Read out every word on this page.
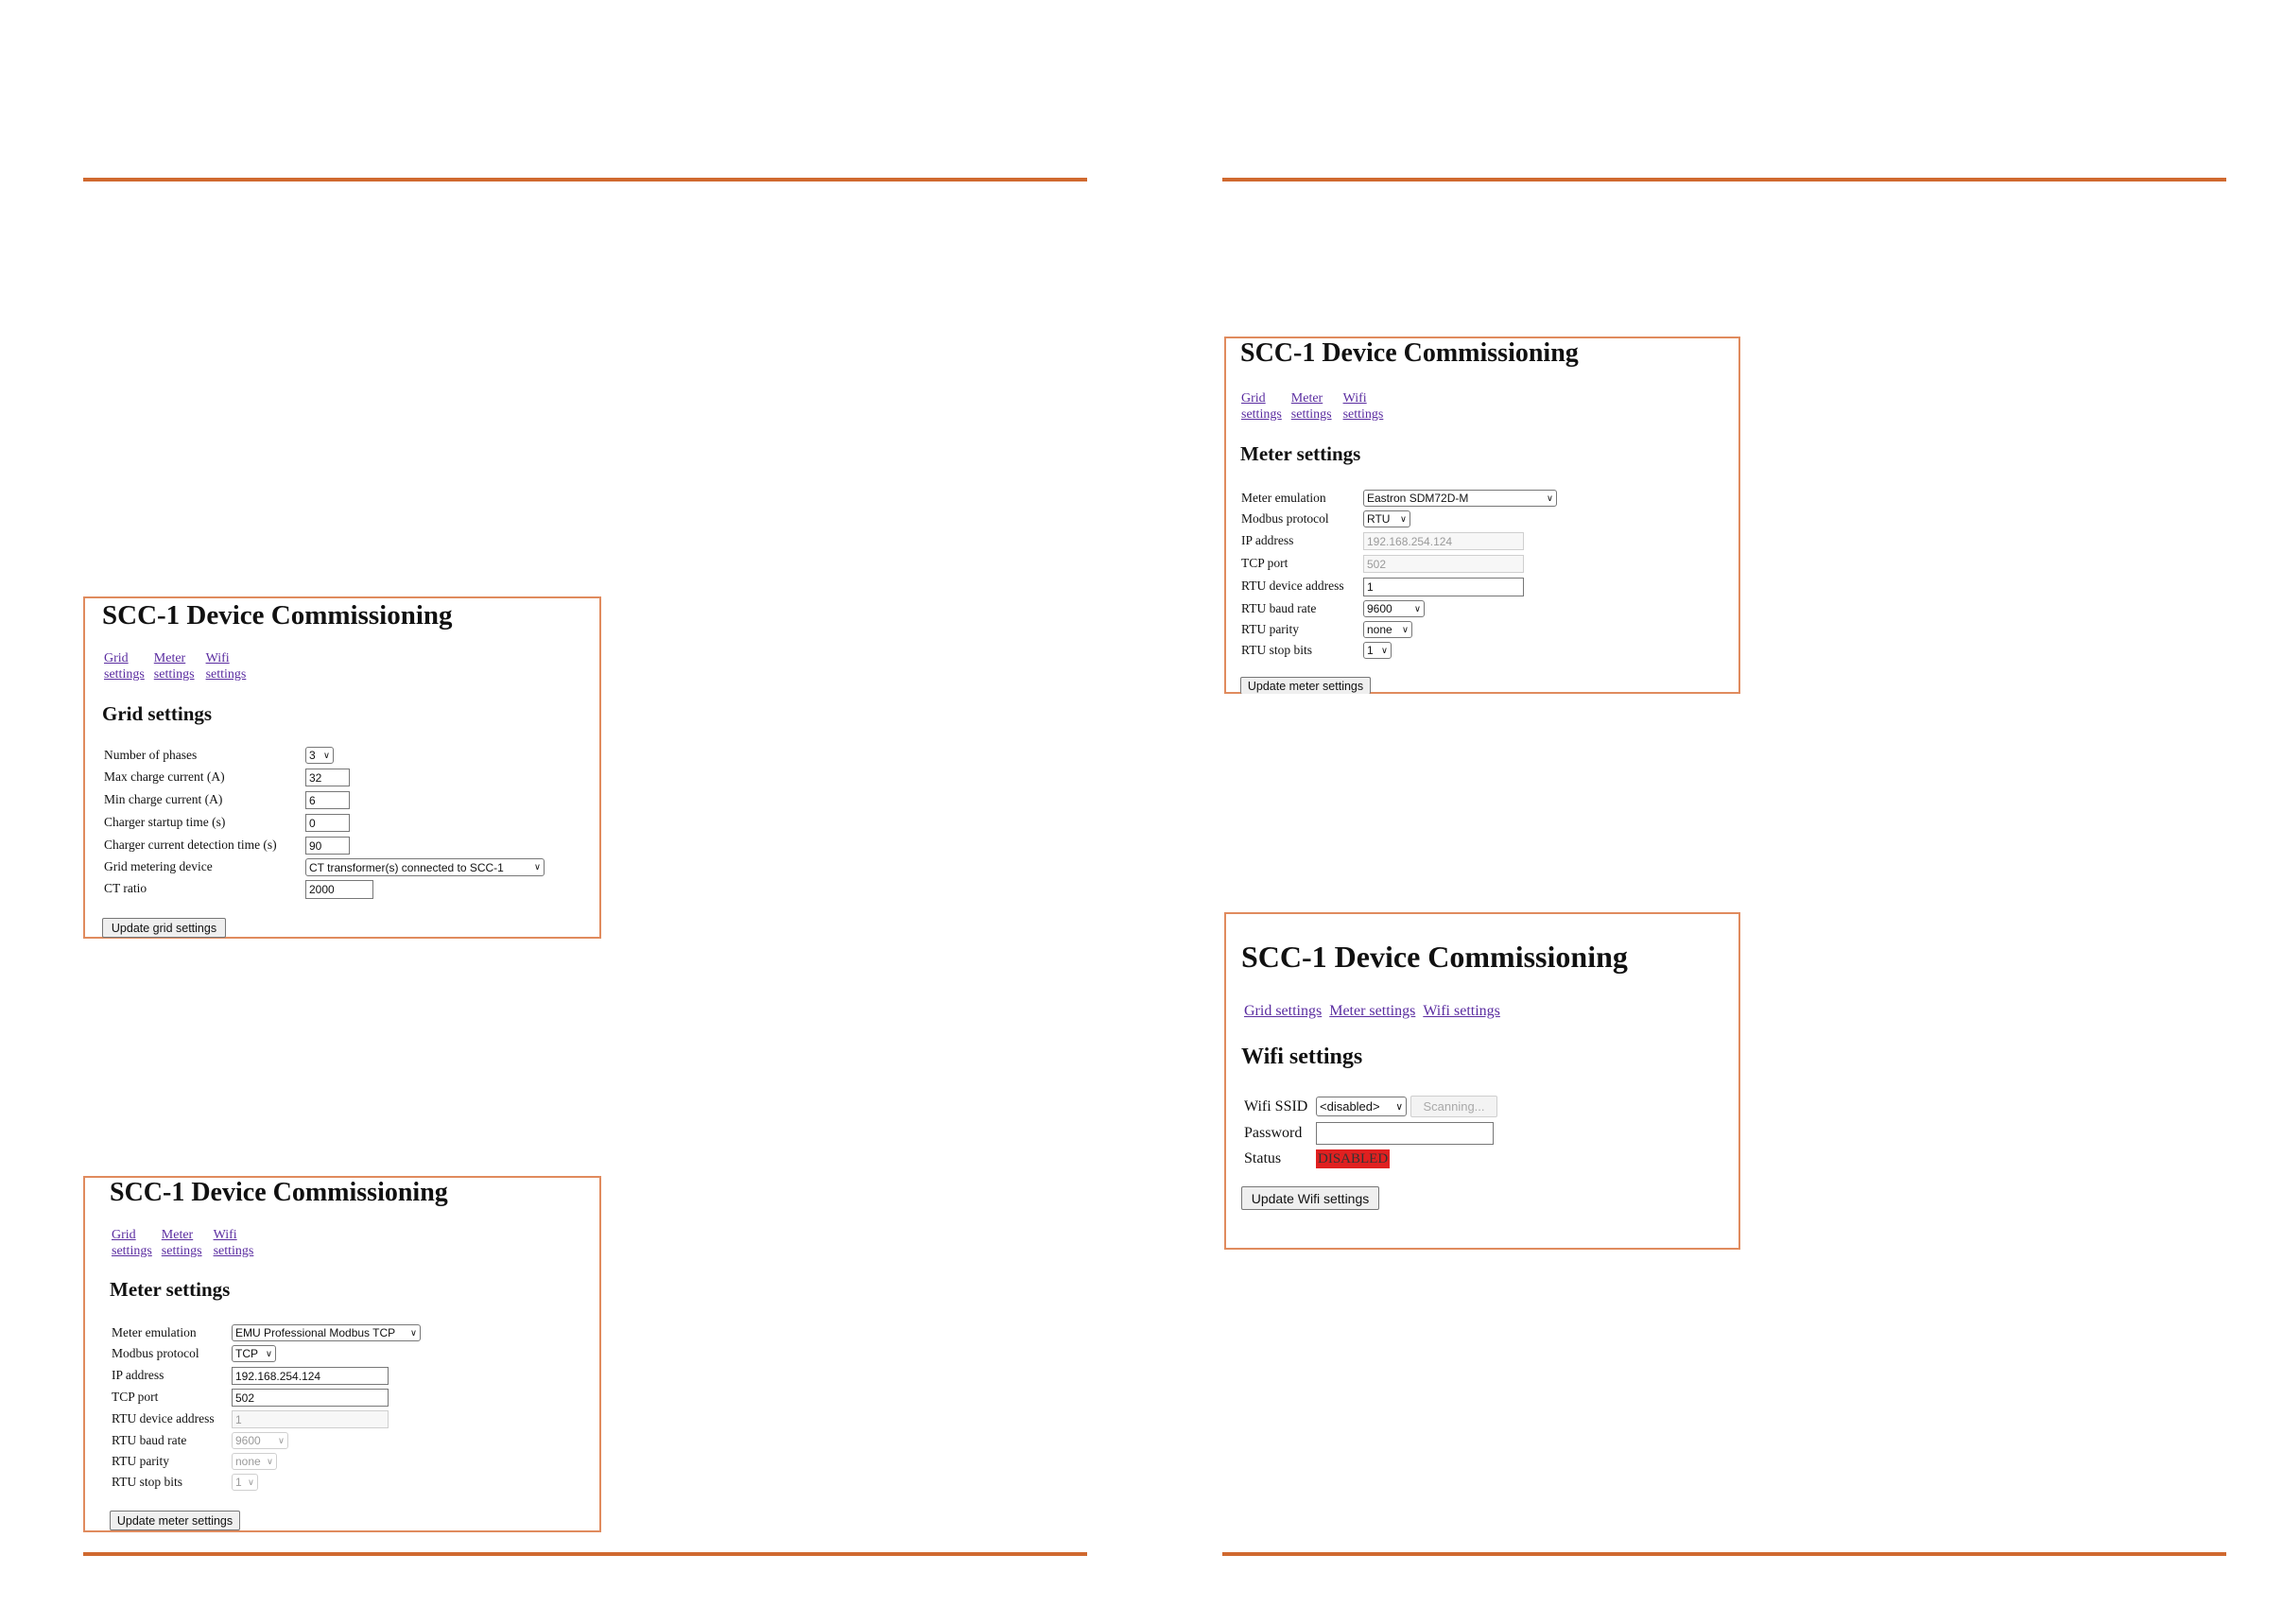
SCC-1 Device Commissioning
Grid
settings
Meter
settings
Wifi
settings
Grid settings
Number of phases	3 ∨
Max charge current (A)	32
Min charge current (A)	6
Charger startup time (s)	0
Charger current detection time (s)	90
Grid metering device	CT transformer(s) connected to SCC-1	∨
CT ratio	2000
Update grid settings
SCC-1 Device Commissioning
Grid
settings
Meter
settings
Wifi
settings
Meter settings
Meter emulation	EMU Professional Modbus TCP ∨
Modbus protocol	TCP ∨
IP address	192.168.254.124
TCP port	502
RTU device address	1
RTU baud rate	9600 ∨
RTU parity	none ∨
RTU stop bits	1 ∨
Update meter settings
SCC-1 Device Commissioning
Grid
settings
Meter
settings
Wifi
settings
Meter settings
Meter emulation	Eastron SDM72D-M	∨
Modbus protocol	RTU ∨
IP address	192.168.254.124
TCP port	502
RTU device address	1
RTU baud rate	9600 ∨
RTU parity	none ∨
RTU stop bits	1 ∨
Update meter settings
SCC-1 Device Commissioning
Grid settings Meter settings Wifi settings
Wifi settings
Wifi SSID <disabled> ∨	Scanning...
Password
Status	DISABLED
Update Wifi settings
